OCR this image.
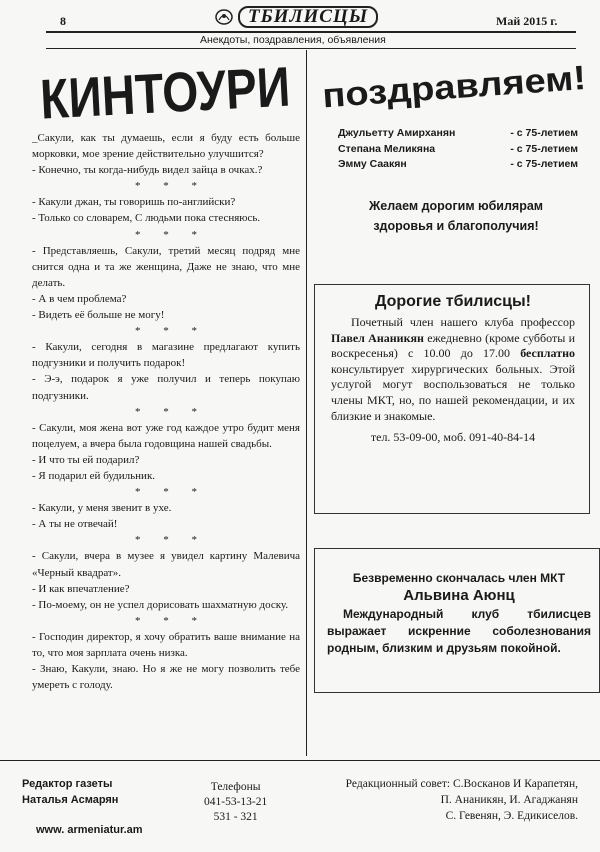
8	ТБИЛИСЦЫ	Май 2015 г.
Анекдоты, поздравления, объявления
КИНТОУРИ

_Сакули, как ты думаешь, если я буду есть больше морковки, мое зрение действительно улучшится?

- Конечно, ты когда-нибудь видел зайца в очках.?

* * *

- Какули джан, ты говоришь по-английски?

- Только со словарем, С людьми пока стесняюсь.

* * *

- Представляешь, Сакули, третий месяц подряд мне снится одна и та же женщина, Даже не знаю, что мне делать.

- А в чем проблема?

- Видеть её больше не могу!

* * *

- Какули, сегодня в магазине предлагают купить подгузники и получить подарок!

- Э-э, подарок я уже получил и теперь покупаю подгузники.

* * *

- Сакули, моя жена вот уже год каждое утро будит меня поцелуем, а вчера была годовщина нашей свадьбы.

- И что ты ей подарил?

- Я подарил ей будильник.

* * *

- Какули, у меня звенит в ухе.

- А ты не отвечай!

* * *

- Сакули, вчера в музее я увидел картину Малевича «Черный квадрат».

- И как впечатление?

- По-моему, он не успел дорисовать шахматную доску.

* * *

- Господин директор, я хочу обратить ваше внимание на то, что моя зарплата очень низка.

- Знаю, Какули, знаю. Но я же не могу позволить тебе умереть с голоду.

поздравляем!
Джульетту Амирханян	- с 75-летием
Степана Меликяна	- с 75-летием
Эмму Саакян	- с 75-летием
Желаем дорогим юбилярам
здоровья и благополучия!
Дорогие тбилисцы!
Почетный член нашего клуба профессор Павел Ананикян ежедневно (кроме субботы и воскресенья) с 10.00 до 17.00 бесплатно консультирует хирургических больных. Этой услугой могут воспользоваться не только члены МКТ, но, по нашей рекомендации, и их близкие и знакомые.
тел. 53-09-00, моб. 091-40-84-14
Безвременно скончалась член МКТ
Альвина Аюнц
Международный клуб тбилисцев выражает искренние соболезнования родным, близким и друзьям покойной.
Редактор газеты
Наталья Асмарян
Телефоны
041-53-13-21
531 - 321
Редакционный совет: С.Восканов И Карапетян,
П. Ананикян, И. Агаджанян
С. Гевенян, Э. Едикиселов.
www. armeniatur.am
